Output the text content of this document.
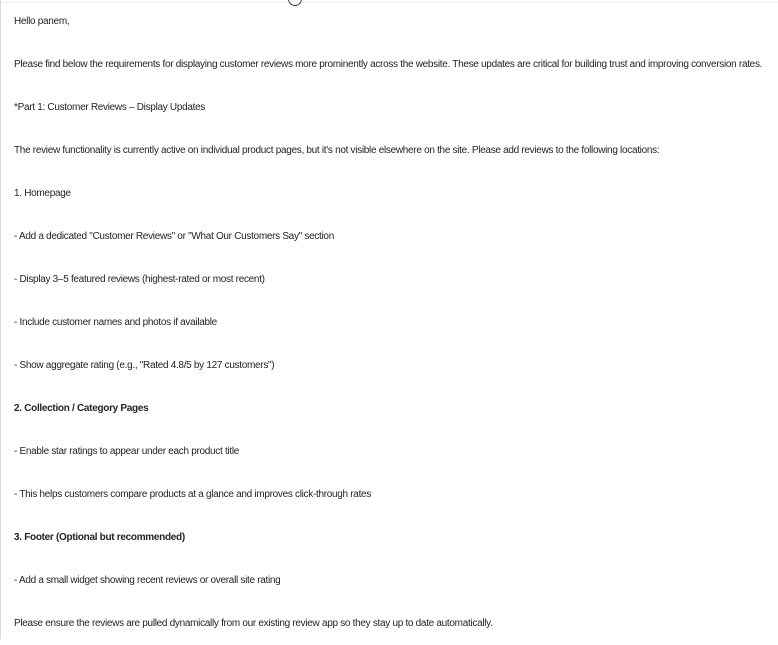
Hello panem,

Please find below the requirements for displaying customer reviews more prominently across the website. These updates are critical for building trust and improving conversion rates.

*Part 1: Customer Reviews – Display Updates

The review functionality is currently active on individual product pages, but it's not visible elsewhere on the site. Please add reviews to the following locations:

1. Homepage

- Add a dedicated "Customer Reviews" or "What Our Customers Say" section

- Display 3–5 featured reviews (highest-rated or most recent)

- Include customer names and photos if available

- Show aggregate rating (e.g., "Rated 4.8/5 by 127 customers")

2. Collection / Category Pages

- Enable star ratings to appear under each product title

- This helps customers compare products at a glance and improves click-through rates

3. Footer (Optional but recommended)

- Add a small widget showing recent reviews or overall site rating

Please ensure the reviews are pulled dynamically from our existing review app so they stay up to date automatically.
